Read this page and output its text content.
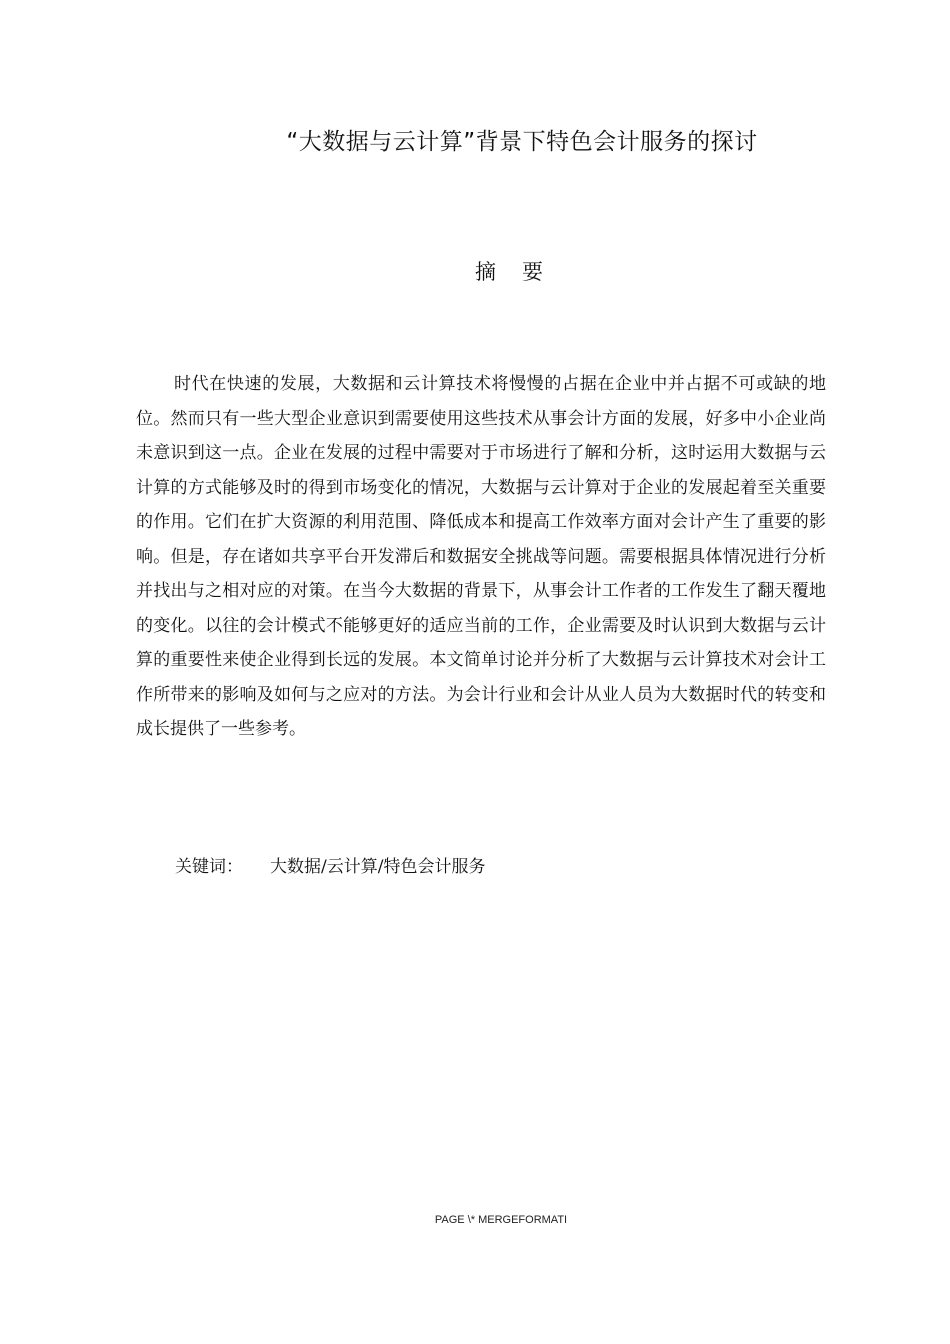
“大数据与云计算”背景下特色会计服务的探讨
摘 要

时代在快速的发展，大数据和云计算技术将慢慢的占据在企业中并占据不可或缺的地位。然而只有一些大型企业意识到需要使用这些技术从事会计方面的发展，好多中小企业尚未意识到这一点。企业在发展的过程中需要对于市场进行了解和分析，这时运用大数据与云计算的方式能够及时的得到市场变化的情况，大数据与云计算对于企业的发展起着至关重要的作用。它们在扩大资源的利用范围、降低成本和提高工作效率方面对会计产生了重要的影响。但是，存在诸如共享平台开发滞后和数据安全挑战等问题。需要根据具体情况进行分析并找出与之相对应的对策。在当今大数据的背景下，从事会计工作者的工作发生了翻天覆地的变化。以往的会计模式不能够更好的适应当前的工作，企业需要及时认识到大数据与云计算的重要性来使企业得到长远的发展。本文简单讨论并分析了大数据与云计算技术对会计工作所带来的影响及如何与之应对的方法。为会计行业和会计从业人员为大数据时代的转变和成长提供了一些参考。

关键词： 大数据/云计算/特色会计服务
PAGE \* MERGEFORMATI
